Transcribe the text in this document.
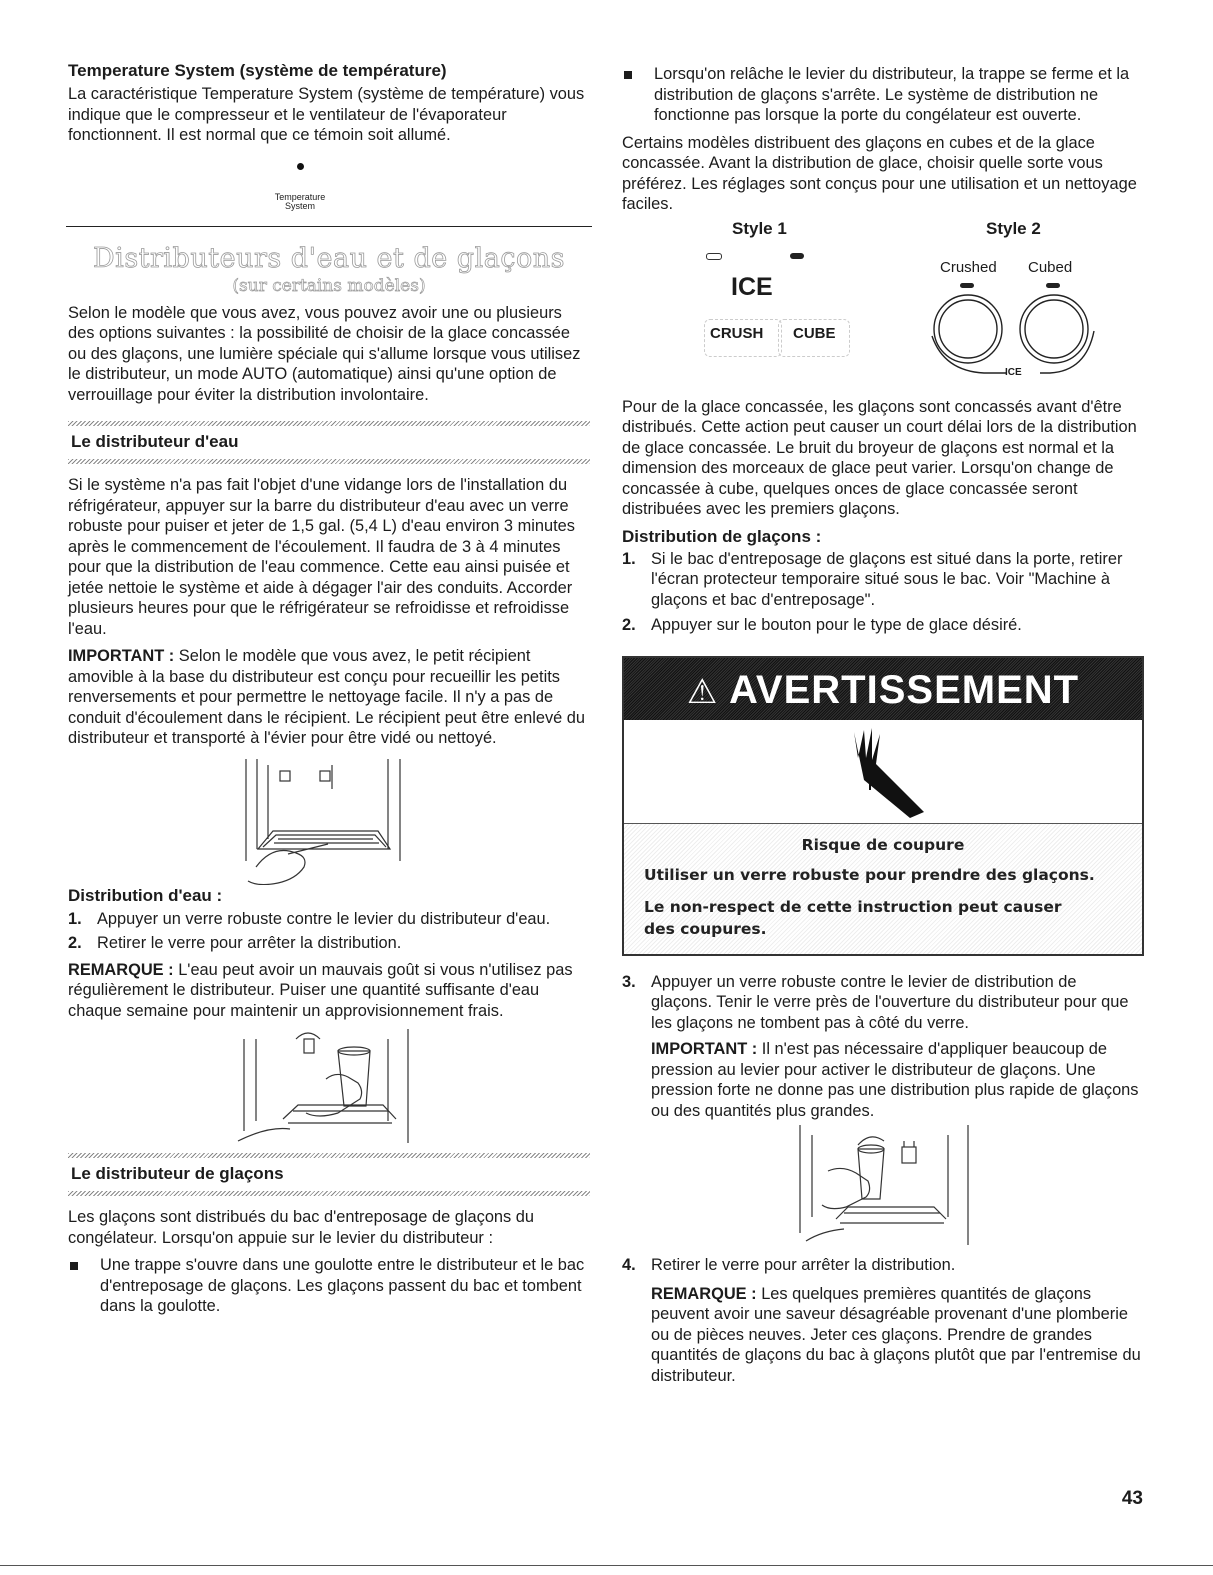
Temperature System (système de température)

La caractéristique Temperature System (système de température) vous indique que le compresseur et le ventilateur de l'évaporateur fonctionnent. Il est normal que ce témoin soit allumé.

Temperature
System
Distributeurs d'eau et de glaçons
(sur certains modèles)

Selon le modèle que vous avez, vous pouvez avoir une ou plusieurs des options suivantes : la possibilité de choisir de la glace concassée ou des glaçons, une lumière spéciale qui s'allume lorsque vous utilisez le distributeur, un mode AUTO (automatique) ainsi qu'une option de verrouillage pour éviter la distribution involontaire.

Le distributeur d'eau

Si le système n'a pas fait l'objet d'une vidange lors de l'installation du réfrigérateur, appuyer sur la barre du distributeur d'eau avec un verre robuste pour puiser et jeter de 1,5 gal. (5,4 L) d'eau environ 3 minutes après le commencement de l'écoulement. Il faudra de 3 à 4 minutes pour que la distribution de l'eau commence. Cette eau ainsi puisée et jetée nettoie le système et aide à dégager l'air des conduits. Accorder plusieurs heures pour que le réfrigérateur se refroidisse et refroidisse l'eau.

IMPORTANT : Selon le modèle que vous avez, le petit récipient amovible à la base du distributeur est conçu pour recueillir les petits renversements et pour permettre le nettoyage facile. Il n'y a pas de conduit d'écoulement dans le récipient. Le récipient peut être enlevé du distributeur et transporté à l'évier pour être vidé ou nettoyé.

Distribution d'eau :

1. Appuyer un verre robuste contre le levier du distributeur d'eau.

2. Retirer le verre pour arrêter la distribution.

REMARQUE : L'eau peut avoir un mauvais goût si vous n'utilisez pas régulièrement le distributeur. Puiser une quantité suffisante d'eau chaque semaine pour maintenir un approvisionnement frais.

Le distributeur de glaçons

Les glaçons sont distribués du bac d'entreposage de glaçons du congélateur. Lorsqu'on appuie sur le levier du distributeur :

Une trappe s'ouvre dans une goulotte entre le distributeur et le bac d'entreposage de glaçons. Les glaçons passent du bac et tombent dans la goulotte.

Lorsqu'on relâche le levier du distributeur, la trappe se ferme et la distribution de glaçons s'arrête. Le système de distribution ne fonctionne pas lorsque la porte du congélateur est ouverte.

Certains modèles distribuent des glaçons en cubes et de la glace concassée. Avant la distribution de glace, choisir quelle sorte vous préférez. Les réglages sont conçus pour une utilisation et un nettoyage faciles.

Style 1	Style 2
ICE
CRUSH CUBE
Crushed Cubed
ICE

Pour de la glace concassée, les glaçons sont concassés avant d'être distribués. Cette action peut causer un court délai lors de la distribution de glace concassée. Le bruit du broyeur de glaçons est normal et la dimension des morceaux de glace peut varier. Lorsqu'on change de concassée à cube, quelques onces de glace concassée seront distribuées avec les premiers glaçons.

Distribution de glaçons :

1. Si le bac d'entreposage de glaçons est situé dans la porte, retirer l'écran protecteur temporaire situé sous le bac. Voir "Machine à glaçons et bac d'entreposage".

2. Appuyer sur le bouton pour le type de glace désiré.

⚠ AVERTISSEMENT

Risque de coupure

Utiliser un verre robuste pour prendre des glaçons.

Le non-respect de cette instruction peut causer des coupures.

3. Appuyer un verre robuste contre le levier de distribution de glaçons. Tenir le verre près de l'ouverture du distributeur pour que les glaçons ne tombent pas à côté du verre.

IMPORTANT : Il n'est pas nécessaire d'appliquer beaucoup de pression au levier pour activer le distributeur de glaçons. Une pression forte ne donne pas une distribution plus rapide de glaçons ou des quantités plus grandes.

4. Retirer le verre pour arrêter la distribution.

REMARQUE : Les quelques premières quantités de glaçons peuvent avoir une saveur désagréable provenant d'une plomberie ou de pièces neuves. Jeter ces glaçons. Prendre de grandes quantités de glaçons du bac à glaçons plutôt que par l'entremise du distributeur.

43
